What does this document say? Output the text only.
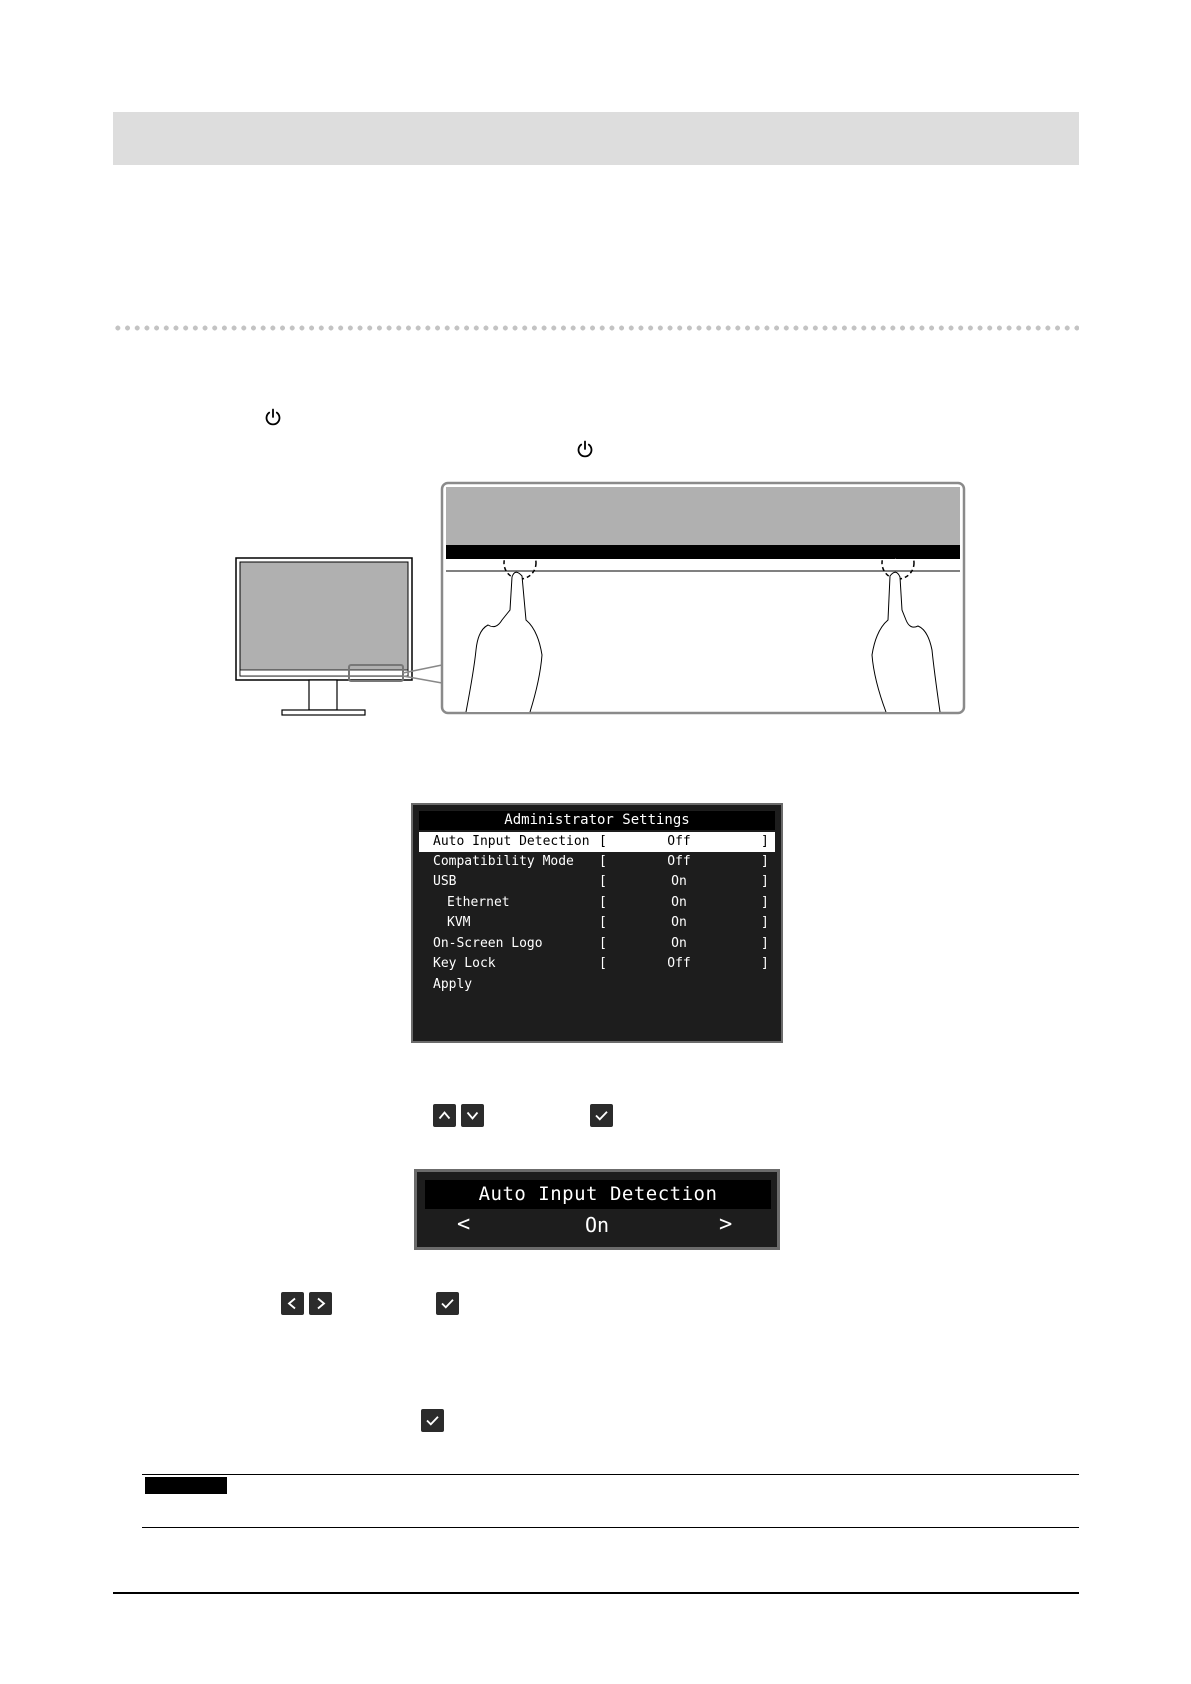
Administrator Settings
Auto Input Detection [	Off	]
Compatibility Mode [	Off	]
USB	[	On	]
Ethernet	[	On	]
KVM	[	On	]
On-Screen Logo	[	On	]
Key Lock	[	Off	]
Apply
Auto Input Detection
<	On	>
